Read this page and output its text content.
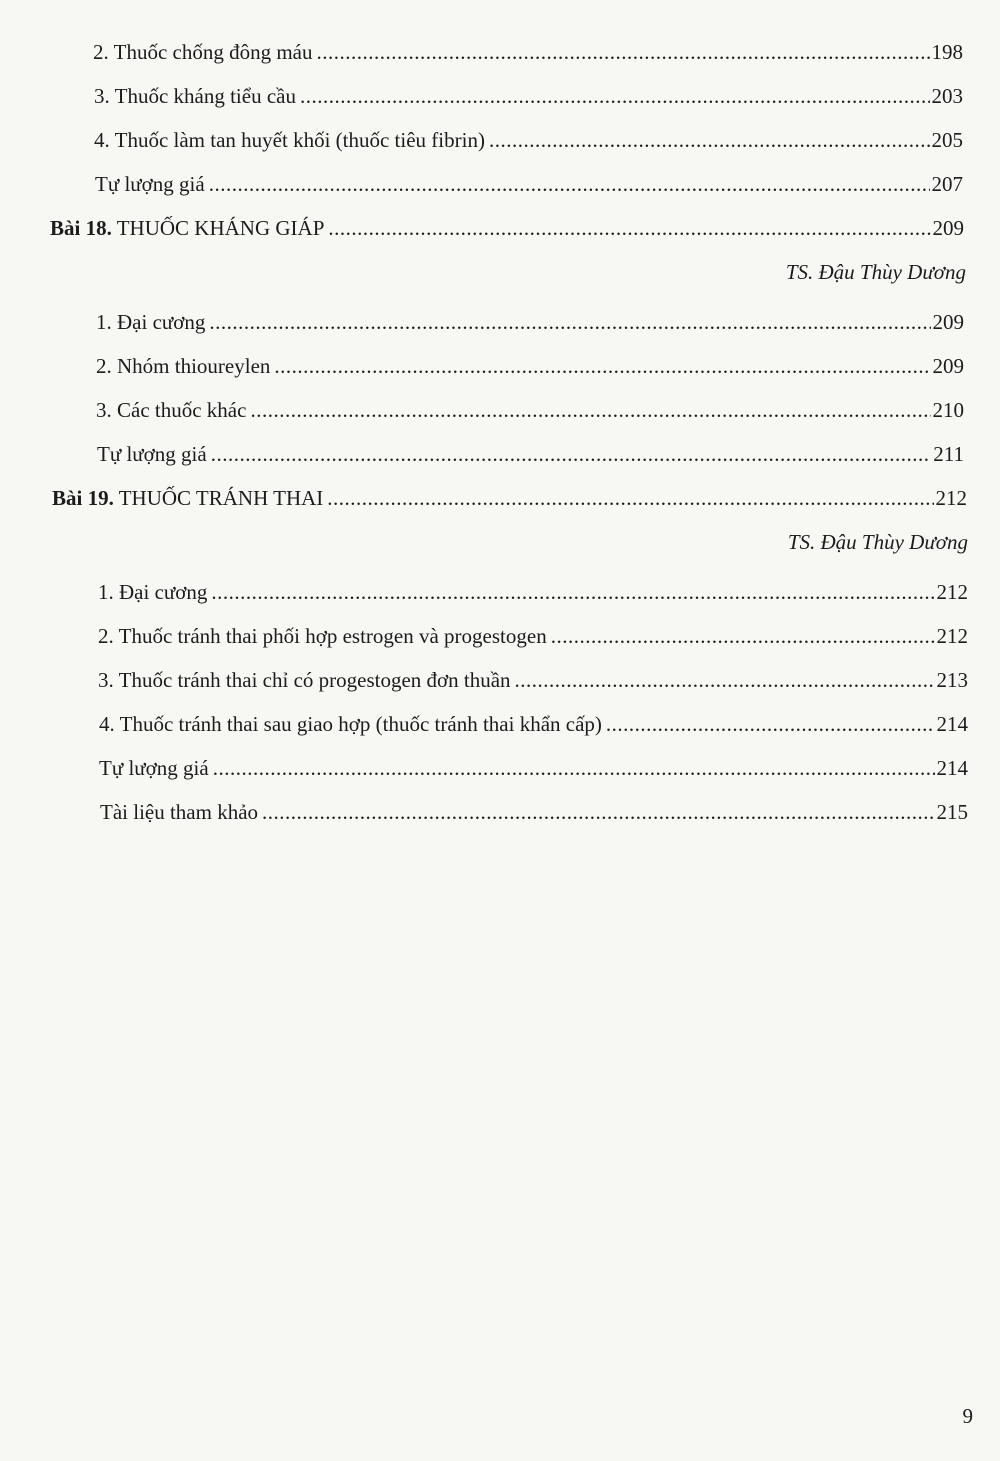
2. Thuốc chống đông máu .....	198
3. Thuốc kháng tiểu cầu .....	203
4. Thuốc làm tan huyết khối (thuốc tiêu fibrin) .....	205
Tự lượng giá .....	207
Bài 18. THUỐC KHÁNG GIÁP .....	209
TS. Đậu Thùy Dương
1. Đại cương .....	209
2. Nhóm thioureylen .....	209
3. Các thuốc khác .....	210
Tự lượng giá .....	211
Bài 19. THUỐC TRÁNH THAI .....	212
TS. Đậu Thùy Dương
1. Đại cương .....	212
2. Thuốc tránh thai phối hợp estrogen và progestogen .....	212
3. Thuốc tránh thai chỉ có progestogen đơn thuần .....	213
4. Thuốc tránh thai sau giao hợp (thuốc tránh thai khẩn cấp) .....	214
Tự lượng giá .....	214
Tài liệu tham khảo .....	215
9
